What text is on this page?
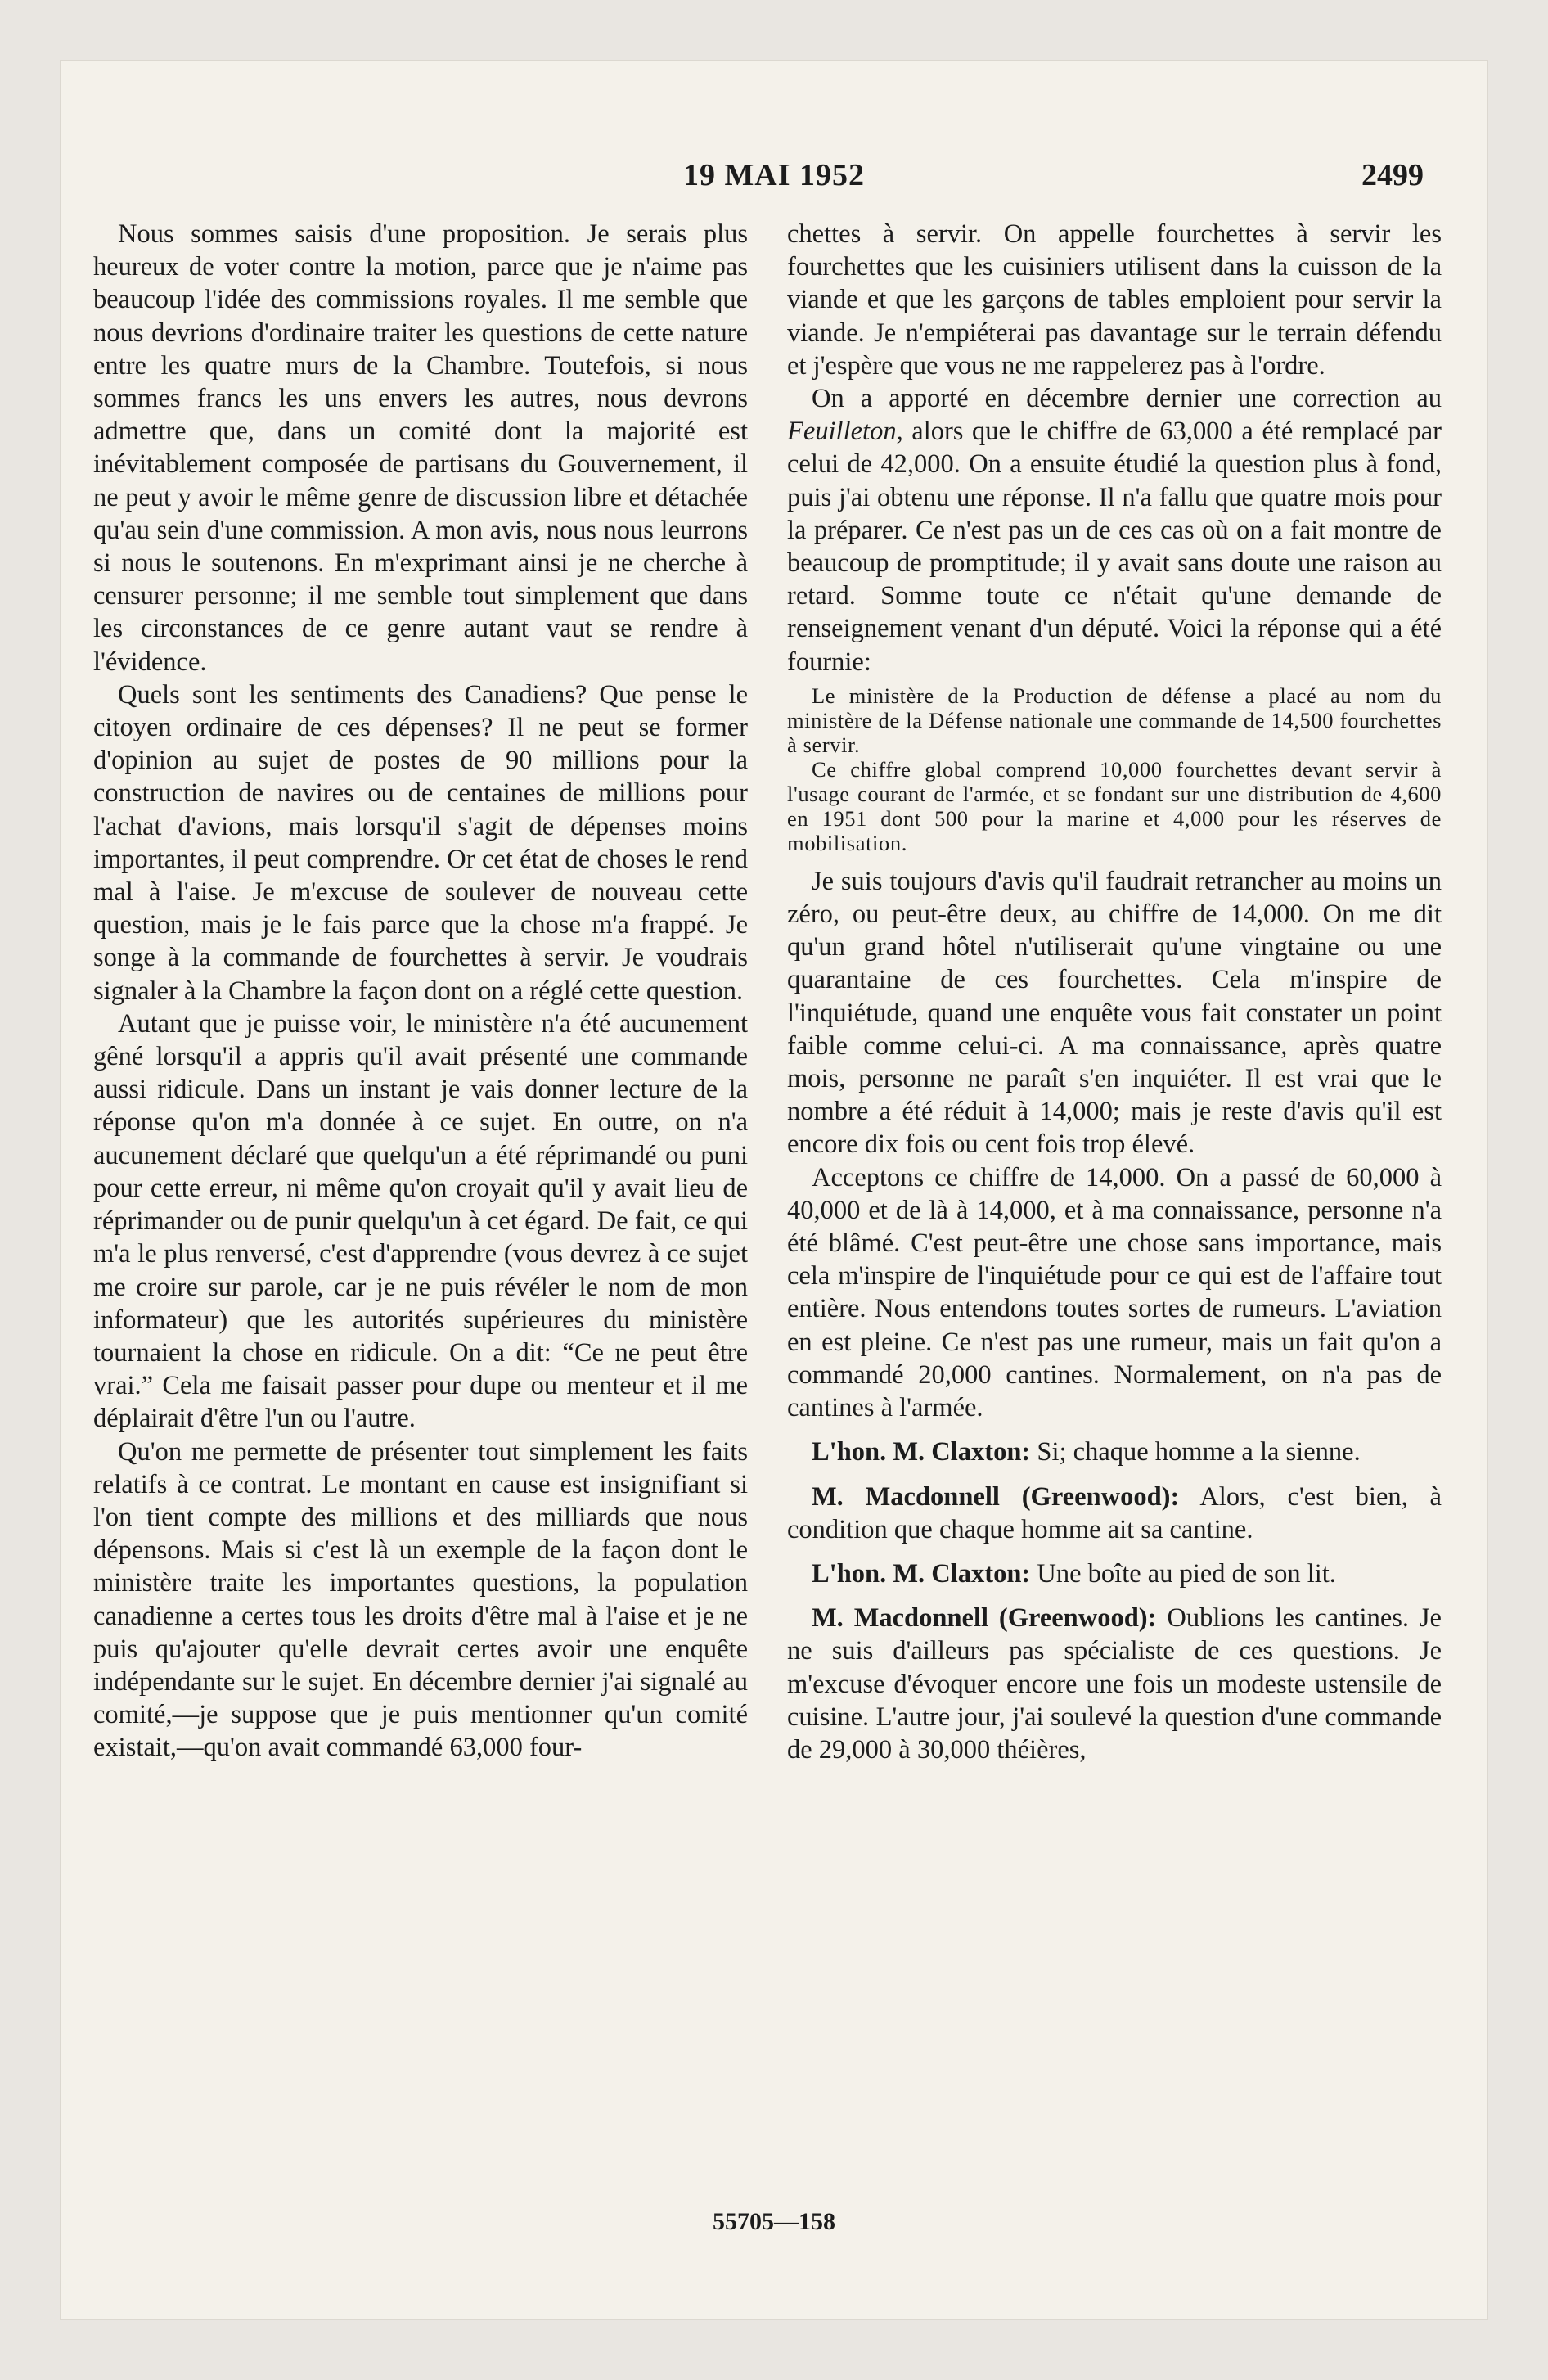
19 MAI 1952	2499

Nous sommes saisis d'une proposition. Je serais plus heureux de voter contre la motion, parce que je n'aime pas beaucoup l'idée des commissions royales. Il me semble que nous devrions d'ordinaire traiter les questions de cette nature entre les quatre murs de la Chambre. Toutefois, si nous sommes francs les uns envers les autres, nous devrons admettre que, dans un comité dont la majorité est inévitablement composée de partisans du Gouvernement, il ne peut y avoir le même genre de discussion libre et détachée qu'au sein d'une commission. A mon avis, nous nous leurrons si nous le soutenons. En m'exprimant ainsi je ne cherche à censurer personne; il me semble tout simplement que dans les circonstances de ce genre autant vaut se rendre à l'évidence.

Quels sont les sentiments des Canadiens? Que pense le citoyen ordinaire de ces dépenses? Il ne peut se former d'opinion au sujet de postes de 90 millions pour la construction de navires ou de centaines de millions pour l'achat d'avions, mais lorsqu'il s'agit de dépenses moins importantes, il peut comprendre. Or cet état de choses le rend mal à l'aise. Je m'excuse de soulever de nouveau cette question, mais je le fais parce que la chose m'a frappé. Je songe à la commande de fourchettes à servir. Je voudrais signaler à la Chambre la façon dont on a réglé cette question.

Autant que je puisse voir, le ministère n'a été aucunement gêné lorsqu'il a appris qu'il avait présenté une commande aussi ridicule. Dans un instant je vais donner lecture de la réponse qu'on m'a donnée à ce sujet. En outre, on n'a aucunement déclaré que quelqu'un a été réprimandé ou puni pour cette erreur, ni même qu'on croyait qu'il y avait lieu de réprimander ou de punir quelqu'un à cet égard. De fait, ce qui m'a le plus renversé, c'est d'apprendre (vous devrez à ce sujet me croire sur parole, car je ne puis révéler le nom de mon informateur) que les autorités supérieures du ministère tournaient la chose en ridicule. On a dit: “Ce ne peut être vrai.” Cela me faisait passer pour dupe ou menteur et il me déplairait d'être l'un ou l'autre.

Qu'on me permette de présenter tout simplement les faits relatifs à ce contrat. Le montant en cause est insignifiant si l'on tient compte des millions et des milliards que nous dépensons. Mais si c'est là un exemple de la façon dont le ministère traite les importantes questions, la population canadienne a certes tous les droits d'être mal à l'aise et je ne puis qu'ajouter qu'elle devrait certes avoir une enquête indépendante sur le sujet. En décembre dernier j'ai signalé au comité,—je suppose que je puis mentionner qu'un comité existait,—qu'on avait commandé 63,000 four-

chettes à servir. On appelle fourchettes à servir les fourchettes que les cuisiniers utilisent dans la cuisson de la viande et que les garçons de tables emploient pour servir la viande. Je n'empiéterai pas davantage sur le terrain défendu et j'espère que vous ne me rappelerez pas à l'ordre.

On a apporté en décembre dernier une correction au Feuilleton, alors que le chiffre de 63,000 a été remplacé par celui de 42,000. On a ensuite étudié la question plus à fond, puis j'ai obtenu une réponse. Il n'a fallu que quatre mois pour la préparer. Ce n'est pas un de ces cas où on a fait montre de beaucoup de promptitude; il y avait sans doute une raison au retard. Somme toute ce n'était qu'une demande de renseignement venant d'un député. Voici la réponse qui a été fournie:

Le ministère de la Production de défense a placé au nom du ministère de la Défense nationale une commande de 14,500 fourchettes à servir.

Ce chiffre global comprend 10,000 fourchettes devant servir à l'usage courant de l'armée, et se fondant sur une distribution de 4,600 en 1951 dont 500 pour la marine et 4,000 pour les réserves de mobilisation.

Je suis toujours d'avis qu'il faudrait retrancher au moins un zéro, ou peut-être deux, au chiffre de 14,000. On me dit qu'un grand hôtel n'utiliserait qu'une vingtaine ou une quarantaine de ces fourchettes. Cela m'inspire de l'inquiétude, quand une enquête vous fait constater un point faible comme celui-ci. A ma connaissance, après quatre mois, personne ne paraît s'en inquiéter. Il est vrai que le nombre a été réduit à 14,000; mais je reste d'avis qu'il est encore dix fois ou cent fois trop élevé.

Acceptons ce chiffre de 14,000. On a passé de 60,000 à 40,000 et de là à 14,000, et à ma connaissance, personne n'a été blâmé. C'est peut-être une chose sans importance, mais cela m'inspire de l'inquiétude pour ce qui est de l'affaire tout entière. Nous entendons toutes sortes de rumeurs. L'aviation en est pleine. Ce n'est pas une rumeur, mais un fait qu'on a commandé 20,000 cantines. Normalement, on n'a pas de cantines à l'armée.

L'hon. M. Claxton: Si; chaque homme a la sienne.

M. Macdonnell (Greenwood): Alors, c'est bien, à condition que chaque homme ait sa cantine.

L'hon. M. Claxton: Une boîte au pied de son lit.

M. Macdonnell (Greenwood): Oublions les cantines. Je ne suis d'ailleurs pas spécialiste de ces questions. Je m'excuse d'évoquer encore une fois un modeste ustensile de cuisine. L'autre jour, j'ai soulevé la question d'une commande de 29,000 à 30,000 théières,

55705—158
